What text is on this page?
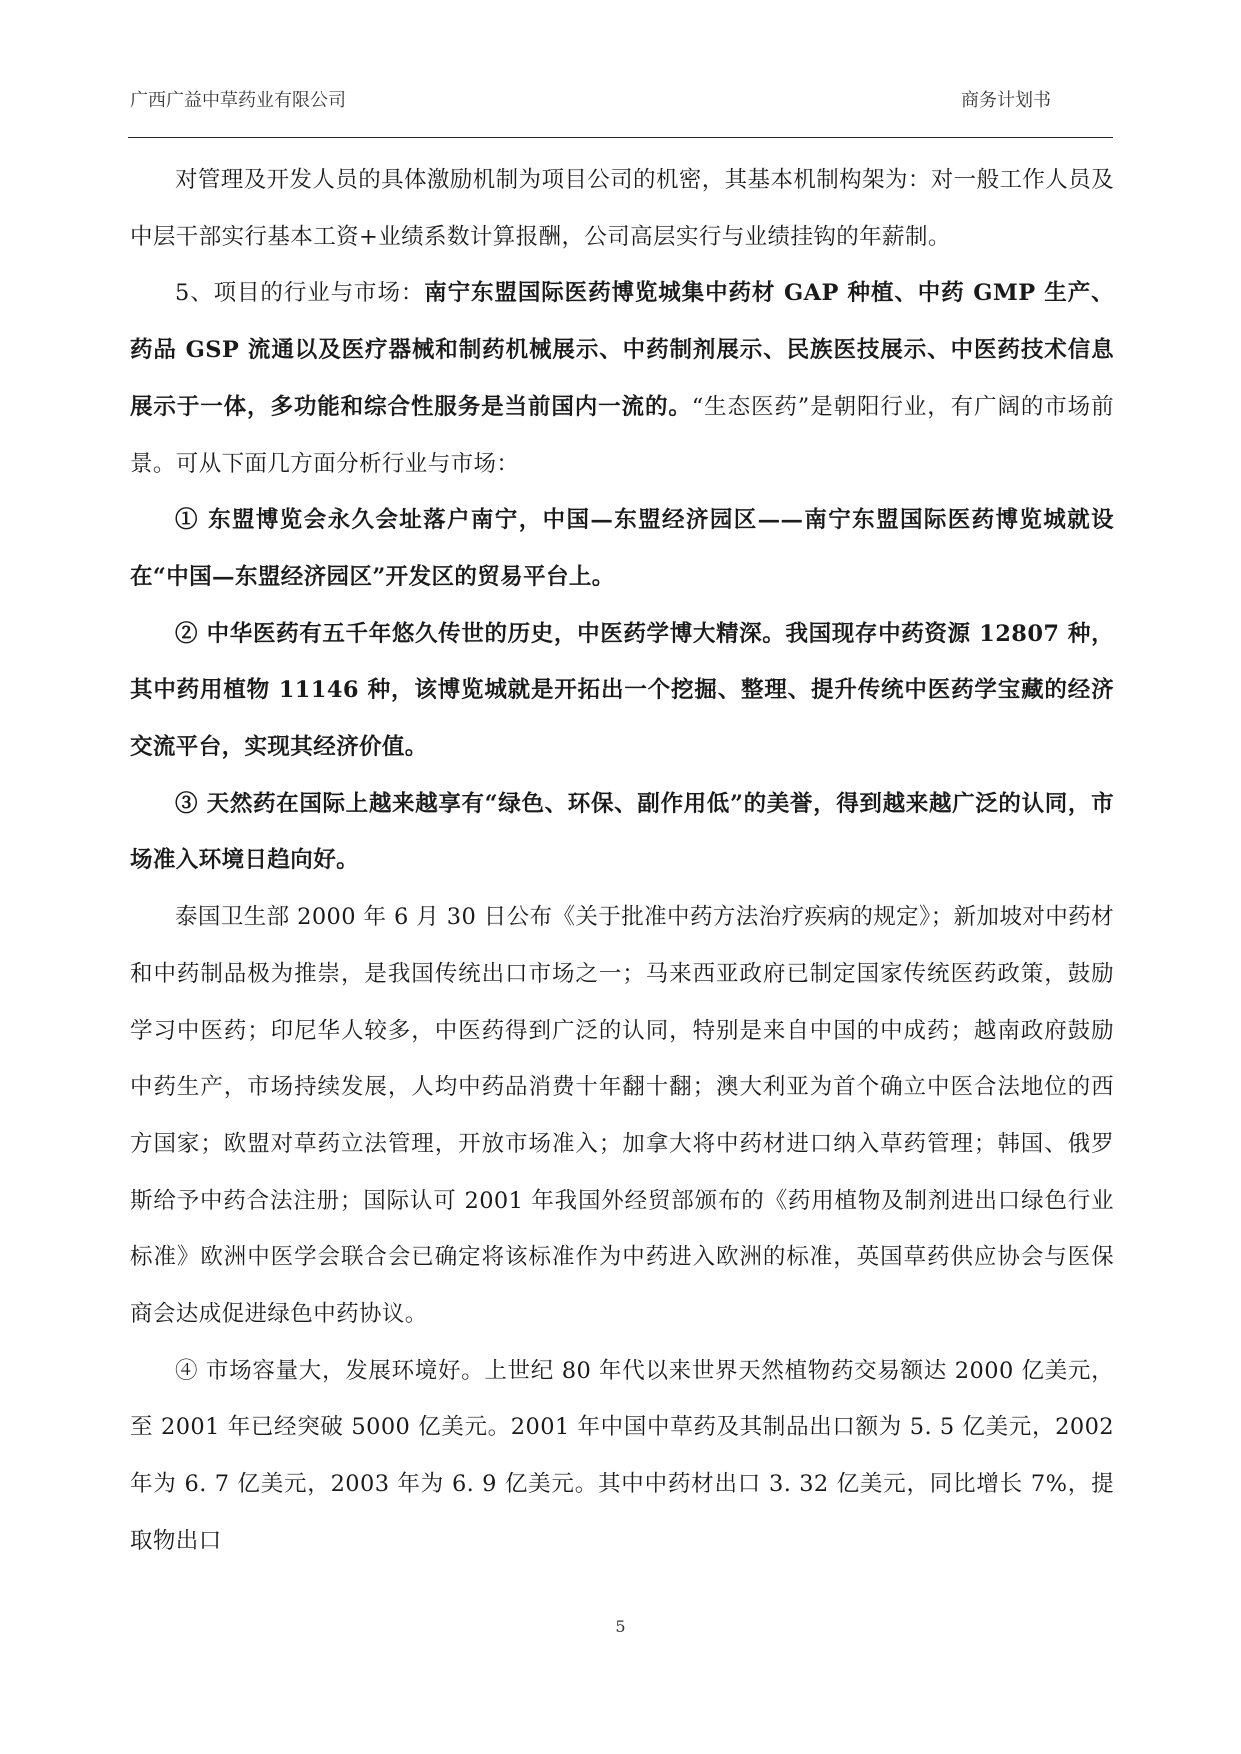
广西广益中草药业有限公司	商务计划书

对管理及开发人员的具体激励机制为项目公司的机密，其基本机制构架为：对一般工作人员及中层干部实行基本工资+业绩系数计算报酬，公司高层实行与业绩挂钩的年薪制。

5、项目的行业与市场：南宁东盟国际医药博览城集中药材 GAP 种植、中药 GMP 生产、药品 GSP 流通以及医疗器械和制药机械展示、中药制剂展示、民族医技展示、中医药技术信息展示于一体，多功能和综合性服务是当前国内一流的。“生态医药”是朝阳行业，有广阔的市场前景。可从下面几方面分析行业与市场：

① 东盟博览会永久会址落户南宁，中国—东盟经济园区——南宁东盟国际医药博览城就设在“中国—东盟经济园区”开发区的贸易平台上。

② 中华医药有五千年悠久传世的历史，中医药学博大精深。我国现存中药资源 12807 种，其中药用植物 11146 种，该博览城就是开拓出一个挖掘、整理、提升传统中医药学宝藏的经济交流平台，实现其经济价值。

③ 天然药在国际上越来越享有“绿色、环保、副作用低”的美誉，得到越来越广泛的认同，市场准入环境日趋向好。

泰国卫生部 2000 年 6 月 30 日公布《关于批准中药方法治疗疾病的规定》；新加坡对中药材和中药制品极为推崇，是我国传统出口市场之一；马来西亚政府已制定国家传统医药政策，鼓励学习中医药；印尼华人较多，中医药得到广泛的认同，特别是来自中国的中成药；越南政府鼓励中药生产，市场持续发展，人均中药品消费十年翻十翻；澳大利亚为首个确立中医合法地位的西方国家；欧盟对草药立法管理，开放市场准入；加拿大将中药材进口纳入草药管理；韩国、俄罗斯给予中药合法注册；国际认可 2001 年我国外经贸部颁布的《药用植物及制剂进出口绿色行业标准》欧洲中医学会联合会已确定将该标准作为中药进入欧洲的标准，英国草药供应协会与医保商会达成促进绿色中药协议。

④ 市场容量大，发展环境好。上世纪 80 年代以来世界天然植物药交易额达 2000 亿美元，至 2001 年已经突破 5000 亿美元。2001 年中国中草药及其制品出口额为 5. 5 亿美元，2002 年为 6. 7 亿美元，2003 年为 6. 9 亿美元。其中中药材出口 3. 32 亿美元，同比增长 7%，提取物出口

5
